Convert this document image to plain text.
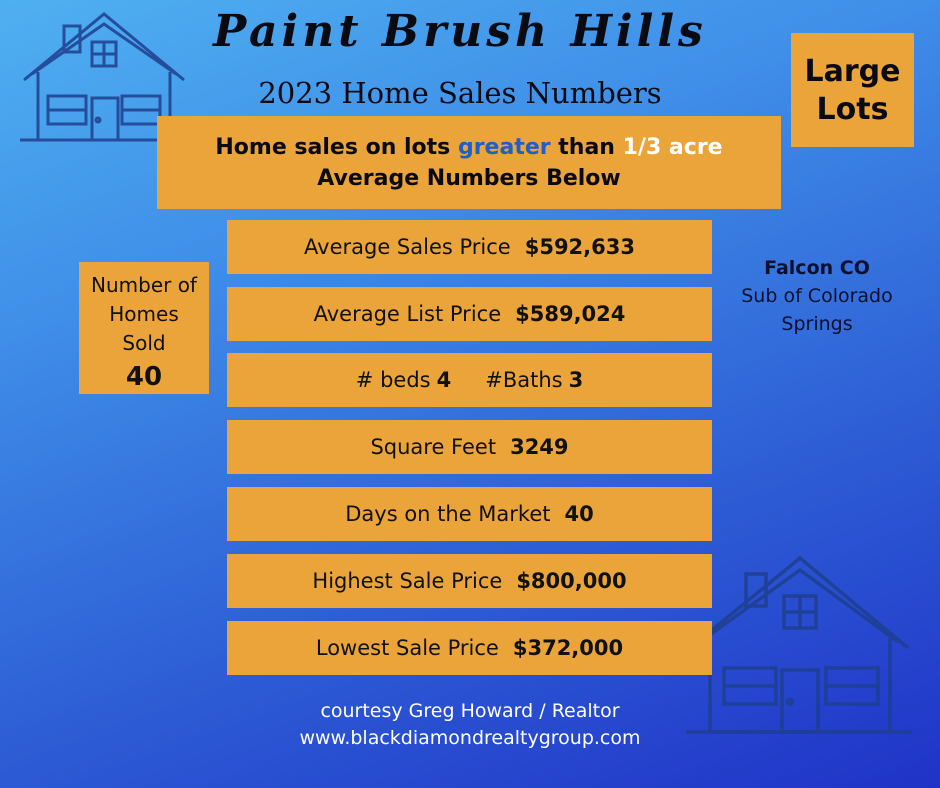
Paint Brush Hills
2023 Home Sales Numbers
Home sales on lots greater than 1/3 acre
Average Numbers Below
Large
Lots
Number of
Homes
Sold
40
Falcon CO
Sub of Colorado
Springs
Average Sales Price $592,633
Average List Price $589,024
# beds 4 #Baths 3
Square Feet 3249
Days on the Market 40
Highest Sale Price $800,000
Lowest Sale Price $372,000
courtesy Greg Howard / Realtor
www.blackdiamondrealtygroup.com
